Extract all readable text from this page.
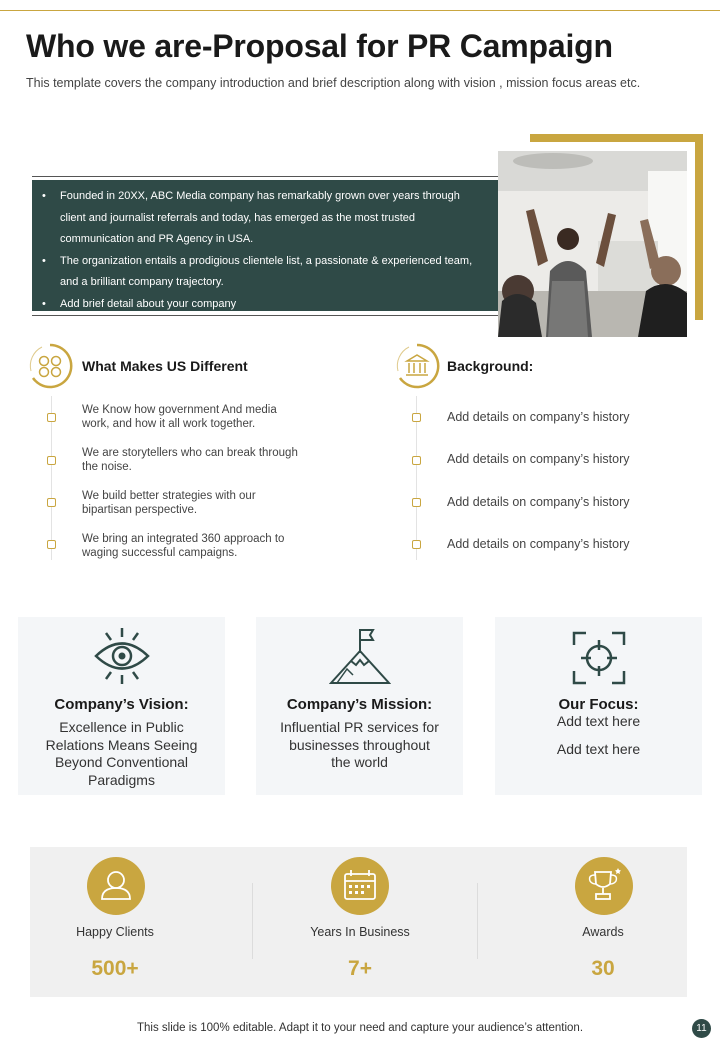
Who we are-Proposal for PR Campaign
This template covers the company introduction and brief description along with vision , mission focus areas etc.
• Founded in 20XX, ABC Media company has remarkably grown over years through client and journalist referrals and today, has emerged as the most trusted communication and PR Agency in USA.
• The organization entails a prodigious clientele list, a passionate & experienced team, and a brilliant company trajectory.
• Add brief detail about your company
What Makes US Different
We Know how government And media work, and how it all work together.
We are storytellers who can break through the noise.
We build better strategies with our bipartisan perspective.
We bring an integrated 360 approach to waging successful campaigns.
Background:
Add details on company’s history
Add details on company’s history
Add details on company’s history
Add details on company’s history
Company’s Vision:
Excellence in Public Relations Means Seeing Beyond Conventional Paradigms
Company’s Mission:
Influential PR services for businesses throughout the world
Our Focus:
Add text here
Add text here
Happy Clients	Years In Business	Awards
500+	7+	30
This slide is 100% editable. Adapt it to your need and capture your audience’s attention.	11
